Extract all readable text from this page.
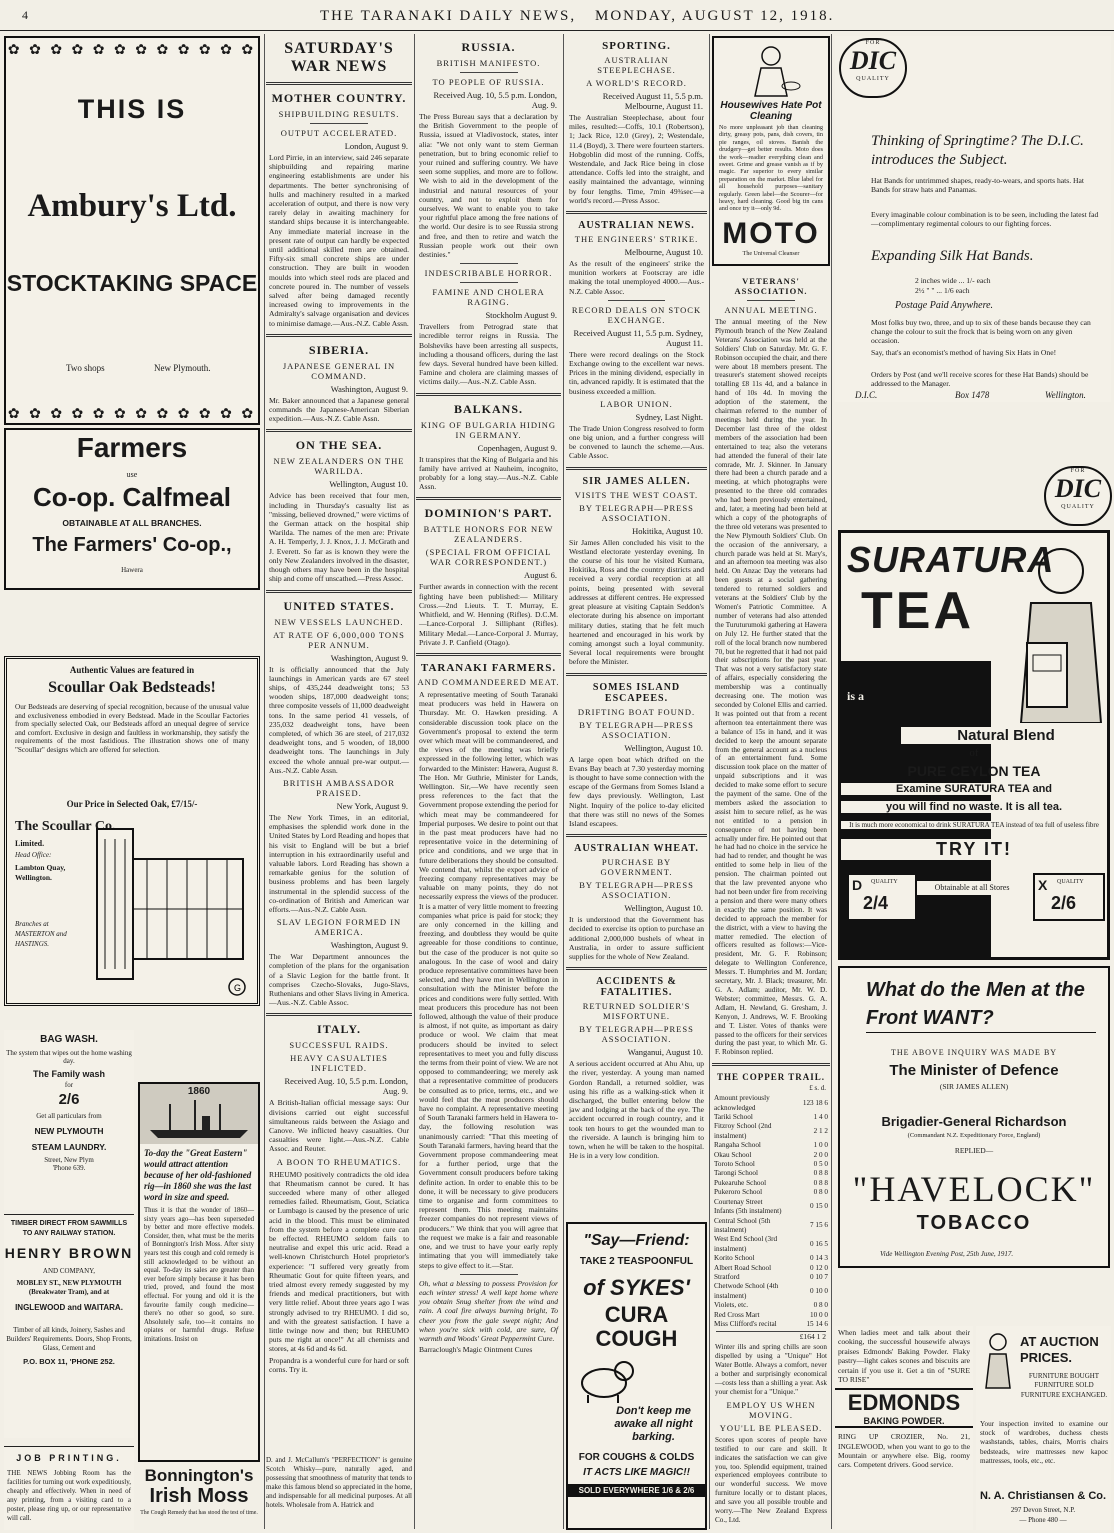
4	THE TARANAKI DAILY NEWS, MONDAY, AUGUST 12, 1918.
✿ ✿ ✿ ✿ ✿ ✿ ✿ ✿ ✿ ✿ ✿ ✿
THIS IS
Ambury's Ltd.
STOCKTAKING SPACE
Two shops	New Plymouth.
✿ ✿ ✿ ✿ ✿ ✿ ✿ ✿ ✿ ✿ ✿ ✿
Farmers
use
Co-op. Calfmeal
OBTAINABLE AT ALL BRANCHES.
The Farmers' Co-op.,
Hawera
Authentic Values are featured in
Scoullar Oak Bedsteads!
Our Bedsteads are deserving of special recognition, because of the unusual value and exclusiveness embodied in every Bedstead. Made in the Scoullar Factories from specially selected Oak, our Bedsteads afford an unequal degree of service and comfort. Exclusive in design and faultless in workmanship, they satisfy the requirements of the most fastidious. The illustration shows one of many "Scoullar" designs which are offered for selection.
Our Price in Selected Oak, £7/15/-
The Scoullar Co.
Limited.
Head Office:
Lambton Quay, Wellington.
Branches at MASTERTON and HASTINGS.
G
BAG WASH.
The system that wipes out the home washing day.
The Family wash
for
2/6
Get all particulars from
NEW PLYMOUTH
STEAM LAUNDRY.
Street, New Plym
'Phone 639.
TIMBER DIRECT FROM SAWMILLS TO ANY RAILWAY STATION.
HENRY BROWN
AND COMPANY,
MOBLEY ST., NEW PLYMOUTH (Breakwater Tram), and at
INGLEWOOD and WAITARA.
Timber of all kinds, Joinery, Sashes and Builders' Requirements. Doors, Shop Fronts, Glass, Cement and
P.O. BOX 11, 'PHONE 252.
JOB PRINTING.
THE NEWS Jobbing Room has the facilities for turning out work expeditiously, cheaply and effectively. When in need of any printing, from a visiting card to a poster, please ring up, or our representative will call.
1860
To-day the "Great Eastern" would attract attention because of her old-fashioned rig—in 1860 she was the last word in size and speed.
Thus it is that the wonder of 1860—sixty years ago—has been superseded by better and more effective models. Consider, then, what must be the merits of Bonnington's Irish Moss. After sixty years test this cough and cold remedy is still acknowledged to be without an equal. To-day its sales are greater than ever before simply because it has been tried, proved, and found the most effectual. For young and old it is the favourite family cough medicine—there's no other so good, so sure. Absolutely safe, too—it contains no opiates or harmful drugs. Refuse imitations. Insist on
Bonnington's
Irish Moss
The Cough Remedy that has stood the test of time.
SATURDAY'S WAR NEWS
MOTHER COUNTRY.
SHIPBUILDING RESULTS.
OUTPUT ACCELERATED.
London, August 9.
Lord Pirrie, in an interview, said 246 separate shipbuilding and repairing marine engineering establishments are under his departments. The better synchronising of hulls and machinery resulted in a marked acceleration of output, and there is now very rarely delay in awaiting machinery for standard ships because it is interchangeable. Any immediate material increase in the present rate of output can hardly be expected until additional skilled men are obtained. Fifty-six small concrete ships are under construction. They are built in wooden moulds into which steel rods are placed and concrete poured in. The number of vessels salved after being damaged recently increased owing to improvements in the Admiralty's salvage organisation and devices to minimise damage.—Aus.-N.Z. Cable Assn.
SIBERIA.
JAPANESE GENERAL IN COMMAND.
Washington, August 9.
Mr. Baker announced that a Japanese general commands the Japanese-American Siberian expedition.—Aus.-N.Z. Cable Assn.
ON THE SEA.
NEW ZEALANDERS ON THE WARILDA.
Wellington, August 10.
Advice has been received that four men, including in Thursday's casualty list as "missing, believed drowned," were victims of the German attack on the hospital ship Warilda. The names of the men are: Private A. H. Temperly, J. J. Knox, J. J. McGrath and J. Everett. So far as is known they were the only New Zealanders involved in the disaster, though others may have been in the hospital ship and come off unscathed.—Press Assoc.
UNITED STATES.
NEW VESSELS LAUNCHED.
AT RATE OF 6,000,000 TONS PER ANNUM.
Washington, August 9.
It is officially announced that the July launchings in American yards are 67 steel ships, of 435,244 deadweight tons; 53 wooden ships, 187,000 deadweight tons; three composite vessels of 11,000 deadweight tons. In the same period 41 vessels, of 235,032 deadweight tons, have been completed, of which 36 are steel, of 217,032 deadweight tons, and 5 wooden, of 18,000 deadweight tons. The launchings in July exceed the whole annual pre-war output.—Aus.-N.Z. Cable Assn.
BRITISH AMBASSADOR PRAISED.
New York, August 9.
The New York Times, in an editorial, emphasises the splendid work done in the United States by Lord Reading and hopes that his visit to England will be but a brief interruption in his extraordinarily useful and valuable labors. Lord Reading has shown a remarkable genius for the solution of business problems and has been largely instrumental in the splendid success of the co-ordination of British and American war efforts.—Aus.-N.Z. Cable Assn.
SLAV LEGION FORMED IN AMERICA.
Washington, August 9.
The War Department announces the completion of the plans for the organisation of a Slavic Legion for the battle front. It comprises Czecho-Slovaks, Jugo-Slavs, Ruthenians and other Slavs living in America.—Aus.-N.Z. Cable Assoc.
ITALY.
SUCCESSFUL RAIDS.
HEAVY CASUALTIES INFLICTED.
Received Aug. 10, 5.5 p.m. London, Aug. 9.
A British-Italian official message says: Our divisions carried out eight successful simultaneous raids between the Asiago and Canove. We inflicted heavy casualties. Our casualties were light.—Aus.-N.Z. Cable Assoc. and Reuter.
A BOON TO RHEUMATICS.
RHEUMO positively contradicts the old idea that Rheumatism cannot be cured. It has succeeded where many of other alleged remedies failed. Rheumatism, Gout, Sciatica or Lumbago is caused by the presence of uric acid in the blood. This must be eliminated from the system before a complete cure can be effected. RHEUMO seldom fails to neutralise and expel this uric acid. Read a well-known Christchurch Hotel proprietor's experience: "I suffered very greatly from Rheumatic Gout for quite fifteen years, and tried almost every remedy suggested by my friends and medical practitioners, but with very little relief. About three years ago I was strongly advised to try RHEUMO. I did so, and with the greatest satisfaction. I have a little twinge now and then; but RHEUMO puts me right at once!" At all chemists and stores, at 4s 6d and 4s 6d.
Propandra is a wonderful cure for hard or soft corns. Try it.
D. and J. McCallum's "PERFECTION" is genuine Scotch Whisky—pure, naturally aged, and possessing that smoothness of maturity that tends to make this famous blend so appreciated in the home, and indispensable for all medicinal purposes. At all hotels. Wholesale from A. Hatrick and
RUSSIA.
BRITISH MANIFESTO.
TO PEOPLE OF RUSSIA.
Received Aug. 10, 5.5 p.m. London, Aug. 9.
The Press Bureau says that a declaration by the British Government to the people of Russia, issued at Vladivostock, states, inter alia: "We not only want to stem German penetration, but to bring economic relief to your ruined and suffering country. We have seen some supplies, and more are to follow. We wish to aid in the development of the industrial and natural resources of your country, and not to exploit them for ourselves. We want to enable you to take your rightful place among the free nations of the world. Our desire is to see Russia strong and free, and then to retire and watch the Russian people work out their own destinies."
INDESCRIBABLE HORROR.
FAMINE AND CHOLERA RAGING.
Stockholm August 9.
Travellers from Petrograd state that incredible terror reigns in Russia. The Bolsheviks have been arresting all suspects, including a thousand officers, during the last few days. Several hundred have been killed. Famine and cholera are claiming masses of victims daily.—Aus.-N.Z. Cable Assn.
BALKANS.
KING OF BULGARIA HIDING IN GERMANY.
Copenhagen, August 9.
It transpires that the King of Bulgaria and his family have arrived at Nauheim, incognito, probably for a long stay.—Aus.-N.Z. Cable Assn.
DOMINION'S PART.
BATTLE HONORS FOR NEW ZEALANDERS.
(SPECIAL FROM OFFICIAL WAR CORRESPONDENT.)
August 6.
Further awards in connection with the recent fighting have been published:— Military Cross.—2nd Lieuts. T. T. Murray, E. Whitfield, and W. Henning (Rifles). D.C.M.—Lance-Corporal J. Silliphant (Rifles). Military Medal.—Lance-Corporal J. Murray, Private J. P. Canfield (Otago).
TARANAKI FARMERS.
AND COMMANDEERED MEAT.
A representative meeting of South Taranaki meat producers was held in Hawera on Thursday. Mr. O. Hawken presiding. A considerable discussion took place on the Government's proposal to extend the term over which meat will be commandeered, and the views of the meeting was briefly expressed in the following letter, which was forwarded to the Minister: Hawera, August 8. The Hon. Mr Guthrie, Minister for Lands, Wellington. Sir,—We have recently seen press references to the fact that the Government propose extending the period for which meat may be commandeered for Imperial purposes. We desire to point out that in the past meat producers have had no representative voice in the determining of price and conditions, and we urge that in future deliberations they should be consulted. We contend that, whilst the export advice of freezing company representatives may be valuable on many points, they do not necessarily express the views of the producer. It is a matter of very little moment to freezing companies what price is paid for stock; they are only concerned in the killing and freezing, and doubtless they would be quite agreeable for those conditions to continue, but the case of the producer is not quite so analogous. In the case of wool and dairy produce representative committees have been selected, and they have met in Wellington in consultation with the Minister before the prices and conditions were fully settled. With meat producers this procedure has not been followed, although the value of their produce is almost, if not quite, as important as dairy produce or wool. We claim that meat producers should be invited to select representatives to meet you and fully discuss the terms from their point of view. We are not opposed to commandeering; we merely ask that a representative committee of producers be consulted as to price, terms, etc., and we would feel that the meat producers should have no complaint. A representative meeting of South Taranaki farmers held in Hawera to-day, the following resolution was unanimously carried: "That this meeting of South Taranaki farmers, having heard that the Government propose commandeering meat for a further period, urge that the Government consult producers before taking definite action. In order to enable this to be done, it will be necessary to give producers time to organise and form committees to represent them. This meeting maintains freezer companies do not represent views of producers." We think that you will agree that the request we make is a fair and reasonable one, and we trust to have your early reply intimating that you will immediately take steps to give effect to it.—Star.
Oh, what a blessing to possess Provision for each winter stress! A well kept home where you obtain Snug shelter from the wind and rain. A coal fire always burning bright, To cheer you from the gale swept night; And when you're sick with cold, are sure, Of warmth and Woods' Great Peppermint Cure.
Barraclough's Magic Ointment Cures
SPORTING.
AUSTRALIAN STEEPLECHASE.
A WORLD'S RECORD.
Received August 11, 5.5 p.m. Melbourne, August 11.
The Australian Steeplechase, about four miles, resulted:—Coffs, 10.1 (Robertson), 1; Jack Rice, 12.0 (Grey), 2; Westendale, 11.4 (Boyd), 3. There were fourteen starters. Hobgoblin did most of the running. Coffs, Westendale, and Jack Rice being in close attendance. Coffs led into the straight, and easily maintained the advantage, winning by four lengths. Time, 7min 49¾sec—a world's record.—Press Assoc.
AUSTRALIAN NEWS.
THE ENGINEERS' STRIKE.
Melbourne, August 10.
As the result of the engineers' strike the munition workers at Footscray are idle making the total unemployed 4000.—Aus.-N.Z. Cable Assoc.
RECORD DEALS ON STOCK EXCHANGE.
Received August 11, 5.5 p.m. Sydney, August 11.
There were record dealings on the Stock Exchange owing to the excellent war news. Prices in the mining dividend, especially in tin, advanced rapidly. It is estimated that the business exceeded a million.
LABOR UNION.
Sydney, Last Night.
The Trade Union Congress resolved to form one big union, and a further congress will be convened to launch the scheme.—Aus. Cable Assoc.
SIR JAMES ALLEN.
VISITS THE WEST COAST.
BY TELEGRAPH—PRESS ASSOCIATION.
Hokitika, August 10.
Sir James Allen concluded his visit to the Westland electorate yesterday evening. In the course of his tour he visited Kumara, Hokitika, Ross and the country districts and received a very cordial reception at all points, being presented with several addresses at different centres. He expressed great pleasure at visiting Captain Seddon's electorate during his absence on important military duties, stating that he felt much heartened and encouraged in his work by coming amongst such a loyal community. Several local requirements were brought before the Minister.
SOMES ISLAND ESCAPEES.
DRIFTING BOAT FOUND.
BY TELEGRAPH—PRESS ASSOCIATION.
Wellington, August 10.
A large open boat which drifted on the Evans Bay beach at 7.30 yesterday morning is thought to have some connection with the escape of the Germans from Somes Island a few days previously. Wellington, Last Night. Inquiry of the police to-day elicited that there was still no news of the Somes Island escapees.
AUSTRALIAN WHEAT.
PURCHASE BY GOVERNMENT.
BY TELEGRAPH—PRESS ASSOCIATION.
Wellington, August 10.
It is understood that the Government has decided to exercise its option to purchase an additional 2,000,000 bushels of wheat in Australia, in order to assure sufficient supplies for the whole of New Zealand.
ACCIDENTS & FATALITIES.
RETURNED SOLDIER'S MISFORTUNE.
BY TELEGRAPH—PRESS ASSOCIATION.
Wanganui, August 10.
A serious accident occurred at Ahu Ahu, up the river, yesterday. A young man named Gordon Randall, a returned soldier, was using his rifle as a walking-stick when it discharged, the bullet entering below the jaw and lodging at the back of the eye. The accident occurred in rough country, and it took ten hours to get the wounded man to the riverside. A launch is bringing him to town, when he will be taken to the hospital. He is in a very low condition.
"Say—Friend:
TAKE 2 TEASPOONFUL
of SYKES'
CURA COUGH
Don't keep me awake all night barking.
FOR COUGHS & COLDS
IT ACTS LIKE MAGIC!!
SOLD EVERYWHERE 1/6 & 2/6
Housewives Hate Pot Cleaning
No more unpleasant job than cleaning dirty, greasy pots, pans, dish covers, tin pie ranges, oil stoves. Banish the drudgery—get better results. Moto does the work—readier everything clean and sweet. Grime and grease vanish as if by magic. Far superior to every similar preparation on the market. Blue label for all household purposes—sanitary regularly. Green label—the Scourer—for heavy, hard cleaning. Good big tin cans and once try it—only 9d.
MOTO
The Universal Cleanser
VETERANS' ASSOCIATION.
ANNUAL MEETING.
The annual meeting of the New Plymouth branch of the New Zealand Veterans' Association was held at the Soldiers' Club on Saturday. Mr. G. F. Robinson occupied the chair, and there were about 18 members present. The treasurer's statement showed receipts totalling £8 11s 4d, and a balance in hand of 10s 4d. In moving the adoption of the statement, the chairman referred to the number of meetings held during the year. In December last three of the oldest members of the association had been entertained to tea; also the veterans had attended the funeral of their late comrade, Mr. J. Skinner. In January there had been a church parade and a meeting, at which photographs were presented to the three old comrades who had been previously entertained, and, later, a meeting had been held at which a copy of the photographs of the three old veterans was presented to the New Plymouth Soldiers' Club. On the occasion of the anniversary, a church parade was held at St. Mary's, and an afternoon tea meeting was also held. On Anzac Day the veterans had been guests at a social gathering tendered to returned soldiers and veterans at the Soldiers' Club by the Women's Patriotic Committee. A number of veterans had also attended the Turuturumoki gathering at Hawera on July 12. He further stated that the roll of the local branch now numbered 70, but he regretted that it had not paid their subscriptions for the past year. That was not a very satisfactory state of affairs, especially considering the membership was a continually decreasing one. The motion was seconded by Colonel Ellis and carried. It was pointed out that from a recent afternoon tea entertainment there was a balance of 15s in hand, and it was decided to keep the amount separate from the general account as a nucleus of an entertainment fund. Some discussion took place on the matter of unpaid subscriptions and it was decided to make some effort to secure the payment of the same. One of the members asked the association to assist him to secure relief, as he was not entitled to a pension in consequence of not having been actually under fire. He pointed out that he had had no choice in the service he had had to render, and thought he was entitled to some help in lieu of the pension. The chairman pointed out that the law prevented anyone who had not been under fire from receiving a pension and there were many others in exactly the same position. It was decided to approach the member for the district, with a view to having the matter remedied. The election of officers resulted as follows:—Vice-president, Mr. G. F. Robinson; delegate to Wellington Conference, Messrs. T. Humphries and M. Jordan; secretary, Mr. J. Black; treasurer, Mr. G. A. Adlam; auditor, Mr. W. D. Webster; committee, Messrs. G. A. Adlam, H. Newland, G. Gresham, J. Kenyon, J. Andrews, W. F. Brooking and T. Lister. Votes of thanks were passed to the officers for their services during the past year, to which Mr. G. F. Robinson replied.
THE COPPER TRAIL.
£ s. d.
Amount previously acknowledged	123 18 6
Tariki School	1 4 0
Fitzroy School (2nd instalment)	2 1 2
Rangaha School	1 0 0
Okau School	2 0 0
Toroto School	0 5 0
Tarongi School	0 8 8
Pukearuhe School	0 8 8
Pukeroro School	0 8 0
Courtenay Street Infants (5th instalment)	0 15 0
Central School (5th instalment)	7 15 6
West End School (3rd instalment)	0 16 5
Korito School	0 14 3
Albert Road School	0 12 0
Stratford	0 10 7
Chetwode School (4th instalment)	0 10 0
Violets, etc.	0 8 0
Red Cross Mart	10 0 0
Miss Clifford's recital	15 14 6
£164 1 2
Winter ills and spring chills are soon dispelled by using a "Unique" Hot Water Bottle. Always a comfort, never a bother and surprisingly economical—costs less than a shilling a year. Ask your chemist for a "Unique."
EMPLOY US WHEN MOVING.
YOU'LL BE PLEASED.
Scores upon scores of people have testified to our care and skill. It indicates the satisfaction we can give you, too. Splendid equipment, trained experienced employees contribute to our wonderful success. We move furniture locally or to distant places, and save you all possible trouble and worry.—The New Zealand Express Co., Ltd.
FOR
DIC
QUALITY
Thinking of Springtime? The D.I.C. introduces the Subject.
Hat Bands for untrimmed shapes, ready-to-wears, and sports hats. Hat Bands for straw hats and Panamas.
Every imaginable colour combination is to be seen, including the latest fad—complimentary regimental colours to our fighting forces.
Expanding Silk Hat Bands.
2 inches wide ... 1/- each
2½ " " ... 1/6 each
Postage Paid Anywhere.
Most folks buy two, three, and up to six of these bands because they can change the colour to suit the frock that is being worn on any given occasion.
Say, that's an economist's method of having Six Hats in One!
Orders by Post (and we'll receive scores for these Hat Bands) should be addressed to the Manager.
D.I.C.	Box 1478	Wellington.
FOR
DIC
QUALITY
SURATURA
TEA
is a
Natural Blend
of
PURE CEYLON TEA
Examine SURATURA TEA and
you will find no waste. It is all tea.
It is much more economical to drink SURATURA TEA instead of tea full of useless fibre
TRY IT!
D QUALITY
2/4
Obtainable at all Stores	X QUALITY
2/6
What do the Men at the Front WANT?
THE ABOVE INQUIRY WAS MADE BY
The Minister of Defence
(SIR JAMES ALLEN)
Brigadier-General Richardson
(Commandant N.Z. Expeditionary Force, England)
REPLIED—
"HAVELOCK"
TOBACCO
Vide Wellington Evening Post, 25th June, 1917.
When ladies meet and talk about their cooking, the successful housewife always praises Edmonds' Baking Powder. Flaky pastry—light cakes scones and biscuits are certain if you use it. Get a tin of "SURE TO RISE"
EDMONDS
BAKING POWDER.
RING UP CROZIER, No. 21, INGLEWOOD, when you want to go to the Mountain or anywhere else. Big, roomy cars. Competent drivers. Good service.
AT AUCTION PRICES.
FURNITURE BOUGHT FURNITURE SOLD FURNITURE EXCHANGED.
Your inspection invited to examine our stock of wardrobes, duchess chests washstands, tables, chairs, Morris chairs bedsteads, wire mattresses new kapoc mattresses, tools, etc., etc.
N. A. Christiansen & Co.
297 Devon Street, N.P.
— Phone 480 —
